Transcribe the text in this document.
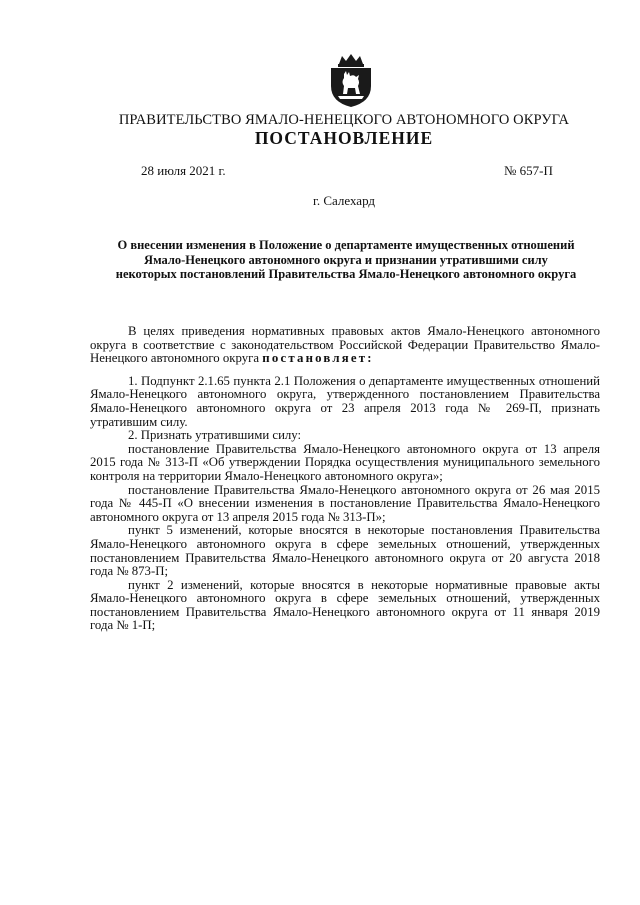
ПРАВИТЕЛЬСТВО ЯМАЛО-НЕНЕЦКОГО АВТОНОМНОГО ОКРУГА
ПОСТАНОВЛЕНИЕ
28 июля 2021 г.	№ 657-П
г. Салехард
О внесении изменения в Положение о департаменте имущественных отношений Ямало-Ненецкого автономного округа и признании утратившими силу некоторых постановлений Правительства Ямало-Ненецкого автономного округа

В целях приведения нормативных правовых актов Ямало-Ненецкого автономного округа в соответствие с законодательством Российской Федерации Правительство Ямало-Ненецкого автономного округа постановляет:

1. Подпункт 2.1.65 пункта 2.1 Положения о департаменте имущественных отношений Ямало-Ненецкого автономного округа, утвержденного постановлением Правительства Ямало-Ненецкого автономного округа от 23 апреля 2013 года № 269-П, признать утратившим силу.

2. Признать утратившими силу:

постановление Правительства Ямало-Ненецкого автономного округа от 13 апреля 2015 года № 313-П «Об утверждении Порядка осуществления муниципального земельного контроля на территории Ямало-Ненецкого автономного округа»;

постановление Правительства Ямало-Ненецкого автономного округа от 26 мая 2015 года № 445-П «О внесении изменения в постановление Правительства Ямало-Ненецкого автономного округа от 13 апреля 2015 года № 313-П»;

пункт 5 изменений, которые вносятся в некоторые постановления Правительства Ямало-Ненецкого автономного округа в сфере земельных отношений, утвержденных постановлением Правительства Ямало-Ненецкого автономного округа от 20 августа 2018 года № 873-П;

пункт 2 изменений, которые вносятся в некоторые нормативные правовые акты Ямало-Ненецкого автономного округа в сфере земельных отношений, утвержденных постановлением Правительства Ямало-Ненецкого автономного округа от 11 января 2019 года № 1-П;
